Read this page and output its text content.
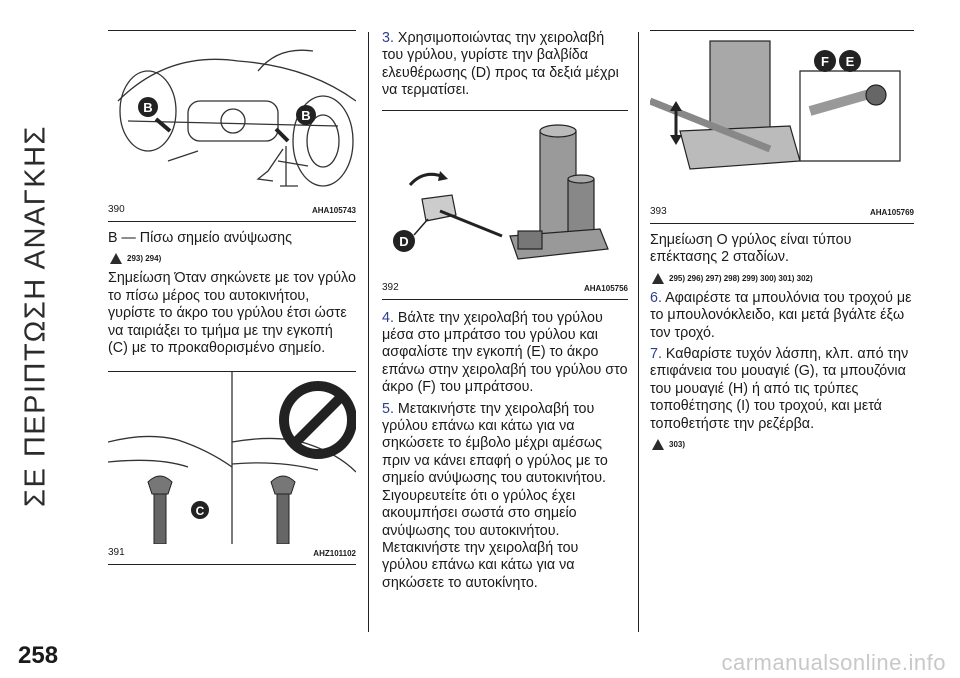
ΣΕ ΠΕΡΙΠΤΩΣΗ ΑΝΑΓΚΗΣ
B
B
390	AHA105743

B — Πίσω σημείο ανύψωσης

293) 294)

Σημείωση Όταν σηκώνετε με τον γρύλο το πίσω μέρος του αυτοκινήτου, γυρίστε το άκρο του γρύλου έτσι ώστε να ταιριάξει το τμήμα με την εγκοπή (C) με το προκαθορισμένο σημείο.

C
391	AHZ101102

3. Χρησιμοποιώντας την χειρολαβή του γρύλου, γυρίστε την βαλβίδα ελευθέρωσης (D) προς τα δεξιά μέχρι να τερματίσει.

D
392	AHA105756

4. Βάλτε την χειρολαβή του γρύλου μέσα στο μπράτσο του γρύλου και ασφαλίστε την εγκοπή (E) το άκρο επάνω στην χειρολαβή του γρύλου στο άκρο (F) του μπράτσου.

5. Μετακινήστε την χειρολαβή του γρύλου επάνω και κάτω για να σηκώσετε το έμβολο μέχρι αμέσως πριν να κάνει επαφή ο γρύλος με το σημείο ανύψωσης του αυτοκινήτου. Σιγουρευτείτε ότι ο γρύλος έχει ακουμπήσει σωστά στο σημείο ανύψωσης του αυτοκινήτου. Μετακινήστε την χειρολαβή του γρύλου επάνω και κάτω για να σηκώσετε το αυτοκίνητο.

F E
393	AHA105769

Σημείωση Ο γρύλος είναι τύπου επέκτασης 2 σταδίων.

295) 296) 297) 298) 299) 300) 301) 302)

6. Αφαιρέστε τα μπουλόνια του τροχού με το μπουλονόκλειδο, και μετά βγάλτε έξω τον τροχό.

7. Καθαρίστε τυχόν λάσπη, κλπ. από την επιφάνεια του μουαγιέ (G), τα μπουζόνια του μουαγιέ (H) ή από τις τρύπες τοποθέτησης (I) του τροχού, και μετά τοποθετήστε την ρεζέρβα.

303)
258	carmanualsonline.info
